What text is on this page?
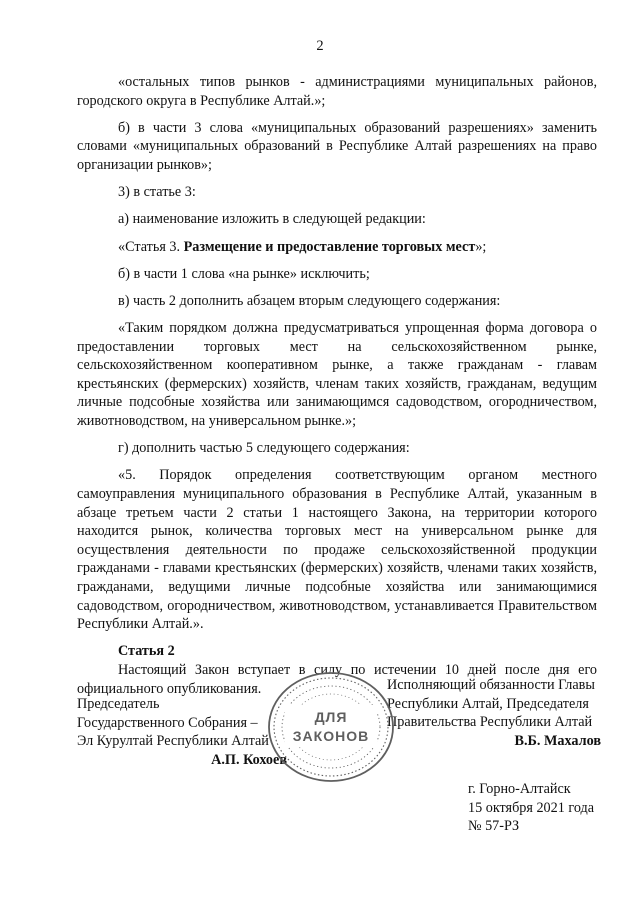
2

«остальных типов рынков - администрациями муниципальных районов, городского округа в Республике Алтай.»;

б) в части 3 слова «муниципальных образований разрешениях» заменить словами «муниципальных образований в Республике Алтай разрешениях на право организации рынков»;

3) в статье 3:

а) наименование изложить в следующей редакции:

«Статья 3. Размещение и предоставление торговых мест»;

б) в части 1 слова «на рынке» исключить;

в) часть 2 дополнить абзацем вторым следующего содержания:

«Таким порядком должна предусматриваться упрощенная форма договора о предоставлении торговых мест на сельскохозяйственном рынке, сельскохозяйственном кооперативном рынке, а также гражданам - главам крестьянских (фермерских) хозяйств, членам таких хозяйств, гражданам, ведущим личные подсобные хозяйства или занимающимся садоводством, огородничеством, животноводством, на универсальном рынке.»;

г) дополнить частью 5 следующего содержания:

«5. Порядок определения соответствующим органом местного самоуправления муниципального образования в Республике Алтай, указанным в абзаце третьем части 2 статьи 1 настоящего Закона, на территории которого находится рынок, количества торговых мест на универсальном рынке для осуществления деятельности по продаже сельскохозяйственной продукции гражданами - главами крестьянских (фермерских) хозяйств, членами таких хозяйств, гражданами, ведущими личные подсобные хозяйства или занимающимися садоводством, огородничеством, животноводством, устанавливается Правительством Республики Алтай.».

Статья 2

Настоящий Закон вступает в силу по истечении 10 дней после дня его официального опубликования.	Исполняющий обязанности Главы
Республики Алтай, Председателя
Правительства Республики Алтай
В.Б. Махалов
Председатель
Государственного Собрания –
Эл Курултай Республики Алтай
А.П. Кохоев
ДЛЯ
ЗАКОНОВ
г. Горно-Алтайск
15 октября 2021 года
№ 57-РЗ
